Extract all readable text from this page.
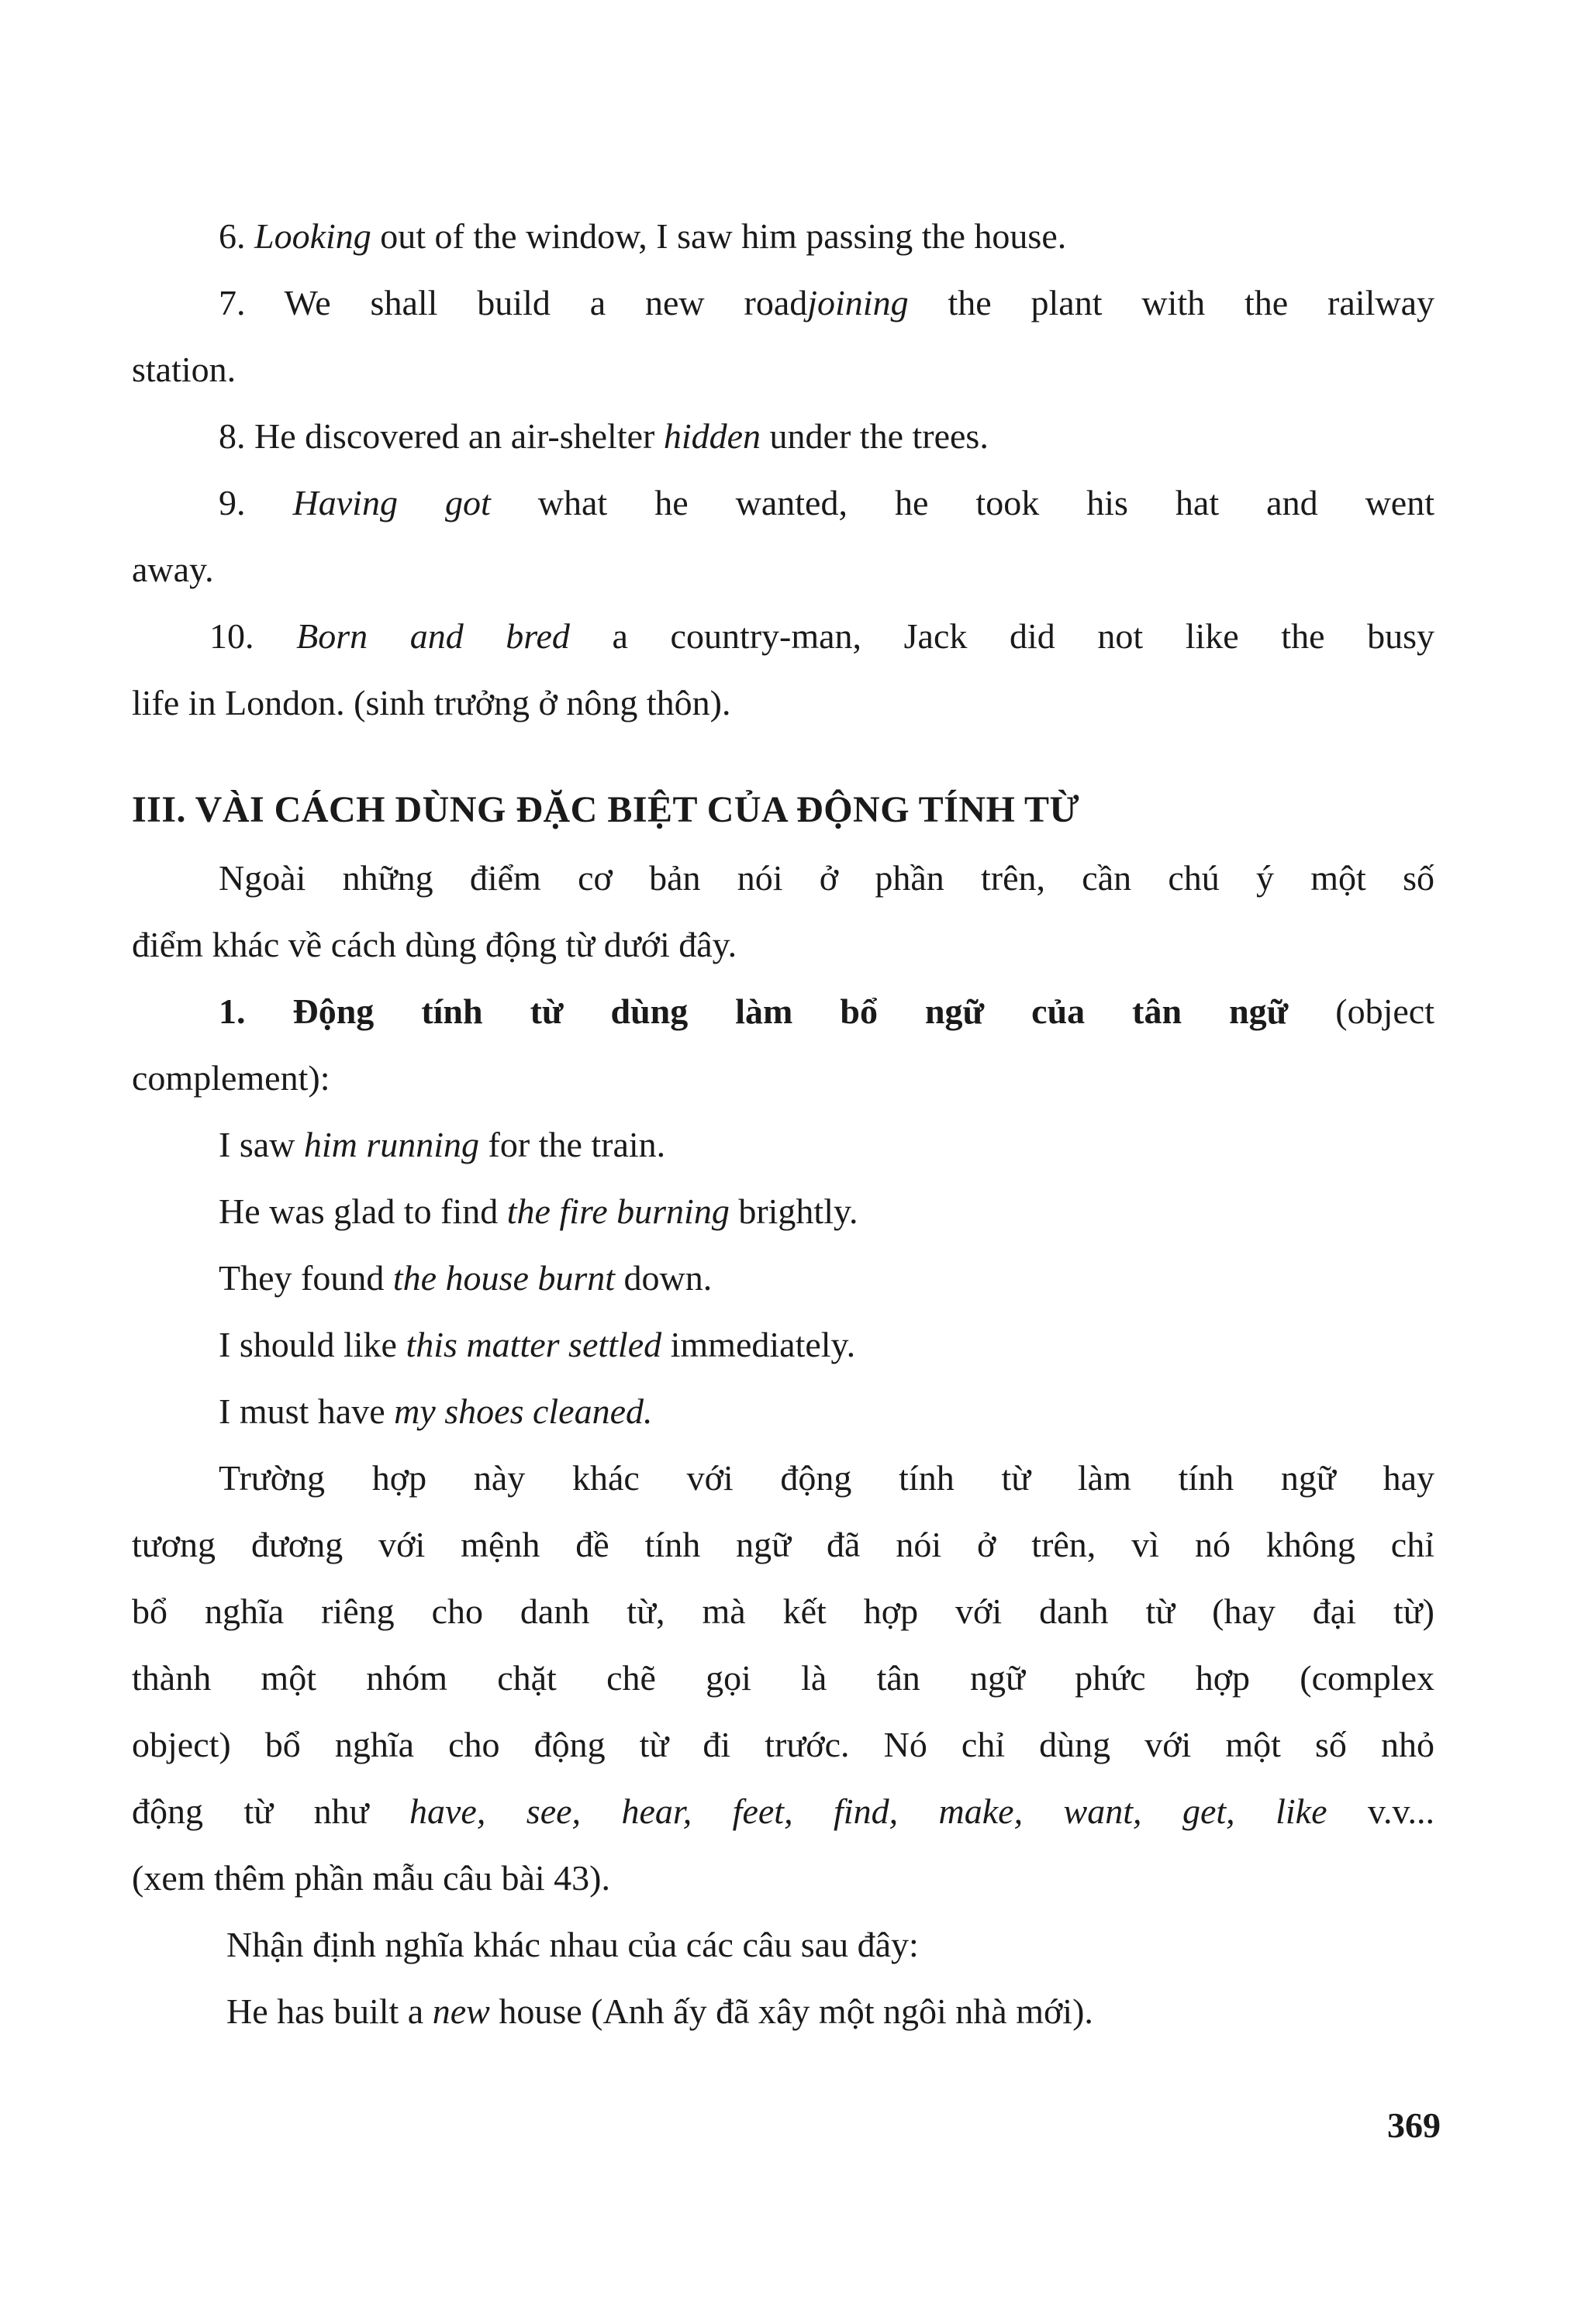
6. Looking out of the window, I saw him passing the house.
7. We shall build a new roadjoining the plant with the railway
station.
8. He discovered an air-shelter hidden under the trees.
9. Having got what he wanted, he took his hat and went
away.
10. Born and bred a country-man, Jack did not like the busy
life in London. (sinh trưởng ở nông thôn).
III. VÀI CÁCH DÙNG ĐẶC BIỆT CỦA ĐỘNG TÍNH TỪ
Ngoài những điểm cơ bản nói ở phần trên, cần chú ý một số
điểm khác về cách dùng động từ dưới đây.
1. Động tính từ dùng làm bổ ngữ của tân ngữ (object
complement):
I saw him running for the train.
He was glad to find the fire burning brightly.
They found the house burnt down.
I should like this matter settled immediately.
I must have my shoes cleaned.
Trường hợp này khác với động tính từ làm tính ngữ hay
tương đương với mệnh đề tính ngữ đã nói ở trên, vì nó không chỉ
bổ nghĩa riêng cho danh từ, mà kết hợp với danh từ (hay đại từ)
thành một nhóm chặt chẽ gọi là tân ngữ phức hợp (complex
object) bổ nghĩa cho động từ đi trước. Nó chỉ dùng với một số nhỏ
động từ như have, see, hear, feet, find, make, want, get, like v.v...
(xem thêm phần mẫu câu bài 43).
Nhận định nghĩa khác nhau của các câu sau đây:
He has built a new house (Anh ấy đã xây một ngôi nhà mới).
369
